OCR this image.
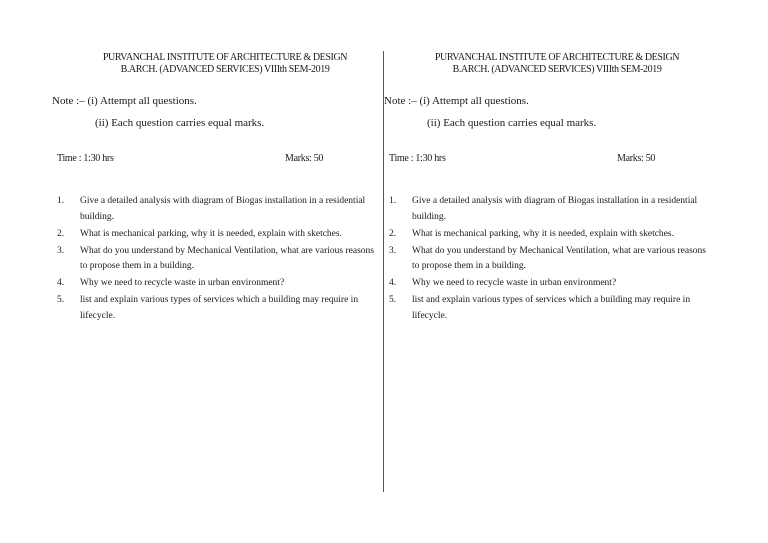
PURVANCHAL INSTITUTE OF ARCHITECTURE & DESIGN
B.ARCH. (ADVANCED SERVICES) VIIIth SEM-2019
Note :– (i) Attempt all questions.
(ii) Each question carries equal marks.
Time : 1:30 hrs	Marks: 50
1. Give a detailed analysis with diagram of Biogas installation in a residential building.
2. What is mechanical parking, why it is needed, explain with sketches.
3. What do you understand by Mechanical Ventilation, what are various reasons to propose them in a building.
4. Why we need to recycle waste in urban environment?
5. list and explain various types of services which a building may require in lifecycle.
PURVANCHAL INSTITUTE OF ARCHITECTURE & DESIGN
B.ARCH. (ADVANCED SERVICES) VIIIth SEM-2019
Note :– (i) Attempt all questions.
(ii) Each question carries equal marks.
Time : 1:30 hrs	Marks: 50
1. Give a detailed analysis with diagram of Biogas installation in a residential building.
2. What is mechanical parking, why it is needed, explain with sketches.
3. What do you understand by Mechanical Ventilation, what are various reasons to propose them in a building.
4. Why we need to recycle waste in urban environment?
5. list and explain various types of services which a building may require in lifecycle.
